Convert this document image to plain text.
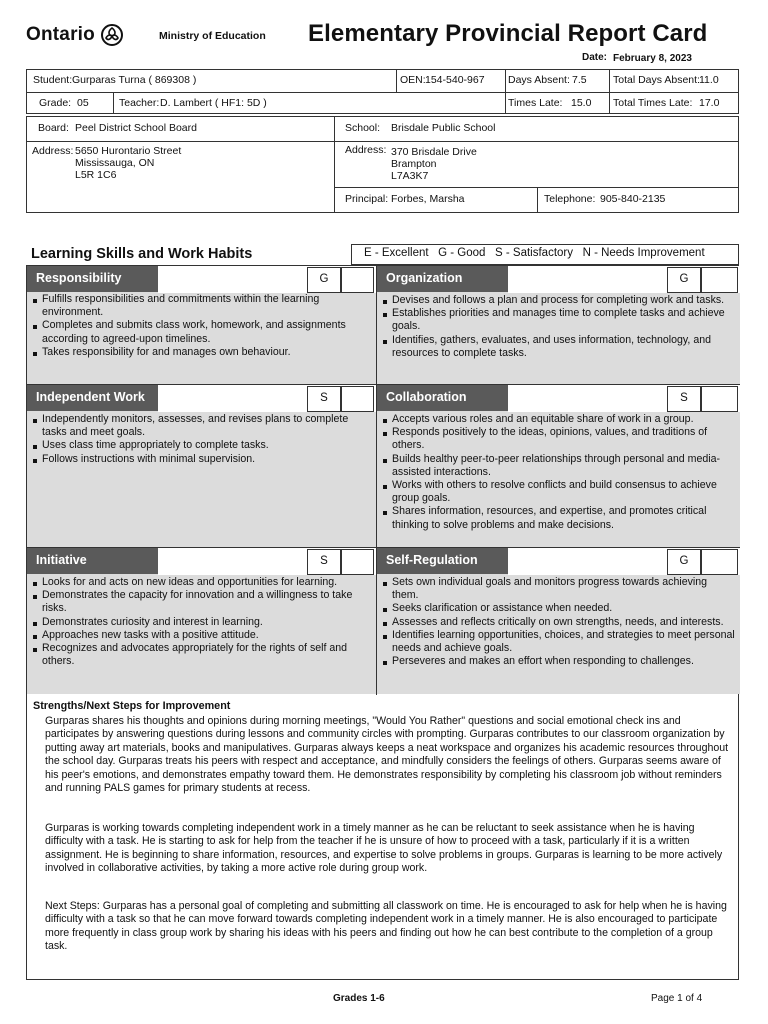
Ontario	Ministry of Education Elementary Provincial Report Card
Date: February 8, 2023
Student: Gurparas Turna ( 869308 )	OEN: 154-540-967 Days Absent: 7.5	Total Days Absent: 11.0
Grade: 05	Teacher: D. Lambert ( HF1: 5D )	Times Late: 15.0 Total Times Late: 17.0
Board: Peel District School Board	School: Brisdale Public School
Address: 5650 Hurontario Street
Mississauga, ON
L5R 1C6
Address: 370 Brisdale Drive
Brampton
L7A3K7
Principal: Forbes, Marsha	Telephone: 905-840-2135
Learning Skills and Work Habits	E - Excellent   G - Good   S - Satisfactory   N - Needs Improvement
Responsibility	G
Fulfills responsibilities and commitments within the learning environment.
Completes and submits class work, homework, and assignments according to agreed-upon timelines.
Takes responsibility for and manages own behaviour.
Organization	G
Devises and follows a plan and process for completing work and tasks.
Establishes priorities and manages time to complete tasks and achieve goals.
Identifies, gathers, evaluates, and uses information, technology, and resources to complete tasks.
Independent Work	S
Independently monitors, assesses, and revises plans to complete tasks and meet goals.
Uses class time appropriately to complete tasks.
Follows instructions with minimal supervision.
Collaboration	S
Accepts various roles and an equitable share of work in a group.
Responds positively to the ideas, opinions, values, and traditions of others.
Builds healthy peer-to-peer relationships through personal and media-assisted interactions.
Works with others to resolve conflicts and build consensus to achieve group goals.
Shares information, resources, and expertise, and promotes critical thinking to solve problems and make decisions.
Initiative	S
Looks for and acts on new ideas and opportunities for learning.
Demonstrates the capacity for innovation and a willingness to take risks.
Demonstrates curiosity and interest in learning.
Approaches new tasks with a positive attitude.
Recognizes and advocates appropriately for the rights of self and others.
Self-Regulation	G
Sets own individual goals and monitors progress towards achieving them.
Seeks clarification or assistance when needed.
Assesses and reflects critically on own strengths, needs, and interests.
Identifies learning opportunities, choices, and strategies to meet personal needs and achieve goals.
Perseveres and makes an effort when responding to challenges.
Strengths/Next Steps for Improvement
Gurparas shares his thoughts and opinions during morning meetings, "Would You Rather" questions and social emotional check ins and participates by answering questions during lessons and community circles with prompting. Gurparas contributes to our classroom organization by putting away art materials, books and manipulatives. Gurparas always keeps a neat workspace and organizes his academic resources throughout the school day. Gurparas treats his peers with respect and acceptance, and mindfully considers the feelings of others. Gurparas seems aware of his peer's emotions, and demonstrates empathy toward them. He demonstrates responsibility by completing his classroom job without reminders and running PALS games for primary students at recess.
Gurparas is working towards completing independent work in a timely manner as he can be reluctant to seek assistance when he is having difficulty with a task. He is starting to ask for help from the teacher if he is unsure of how to proceed with a task, particularly if it is a written assignment. He is beginning to share information, resources, and expertise to solve problems in groups. Gurparas is learning to be more actively involved in collaborative activities, by taking a more active role during group work.
Next Steps: Gurparas has a personal goal of completing and submitting all classwork on time. He is encouraged to ask for help when he is having difficulty with a task so that he can move forward towards completing independent work in a timely manner. He is also encouraged to participate more frequently in class group work by sharing his ideas with his peers and finding out how he can best contribute to the completion of a group task.
Grades 1-6	Page 1 of 4
